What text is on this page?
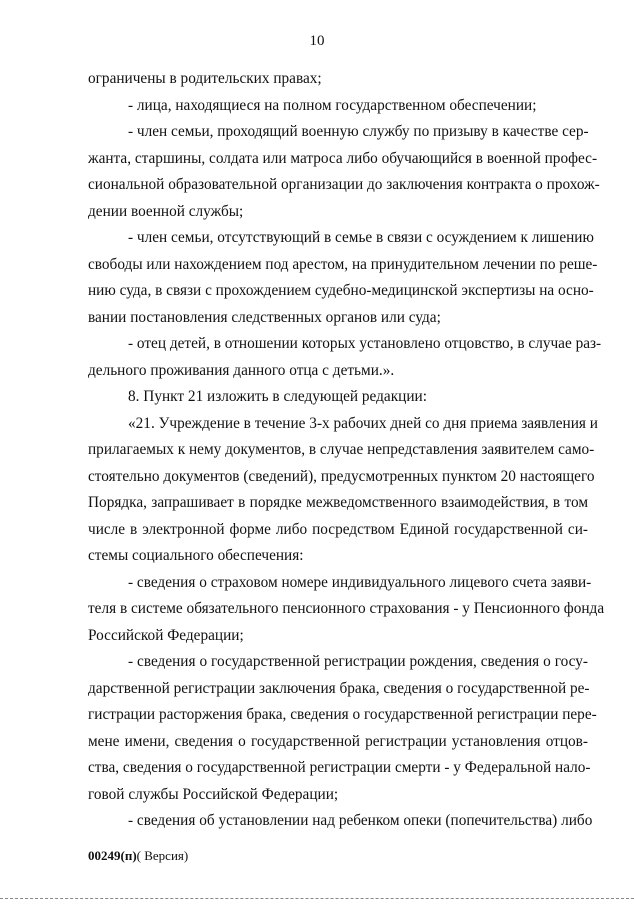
10
ограничены в родительских правах;
- лица, находящиеся на полном государственном обеспечении;
- член семьи, проходящий военную службу по призыву в качестве сер-
жанта, старшины, солдата или матроса либо обучающийся в военной профес-
сиональной образовательной организации до заключения контракта о прохож-
дении военной службы;
- член семьи, отсутствующий в семье в связи с осуждением к лишению
свободы или нахождением под арестом, на принудительном лечении по реше-
нию суда, в связи с прохождением судебно-медицинской экспертизы на осно-
вании постановления следственных органов или суда;
- отец детей, в отношении которых установлено отцовство, в случае раз-
дельного проживания данного отца с детьми.».
8. Пункт 21 изложить в следующей редакции:
«21. Учреждение в течение 3-х рабочих дней со дня приема заявления и
прилагаемых к нему документов, в случае непредставления заявителем само-
стоятельно документов (сведений), предусмотренных пунктом 20 настоящего
Порядка, запрашивает в порядке межведомственного взаимодействия, в том
числе в электронной форме либо посредством Единой государственной си-
стемы социального обеспечения:
- сведения о страховом номере индивидуального лицевого счета заяви-
теля в системе обязательного пенсионного страхования - у Пенсионного фонда
Российской Федерации;
- сведения о государственной регистрации рождения, сведения о госу-
дарственной регистрации заключения брака, сведения о государственной ре-
гистрации расторжения брака, сведения о государственной регистрации пере-
мене имени, сведения о государственной регистрации установления отцов-
ства, сведения о государственной регистрации смерти - у Федеральной нало-
говой службы Российской Федерации;
- сведения об установлении над ребенком опеки (попечительства) либо
00249(п)( Версия)
